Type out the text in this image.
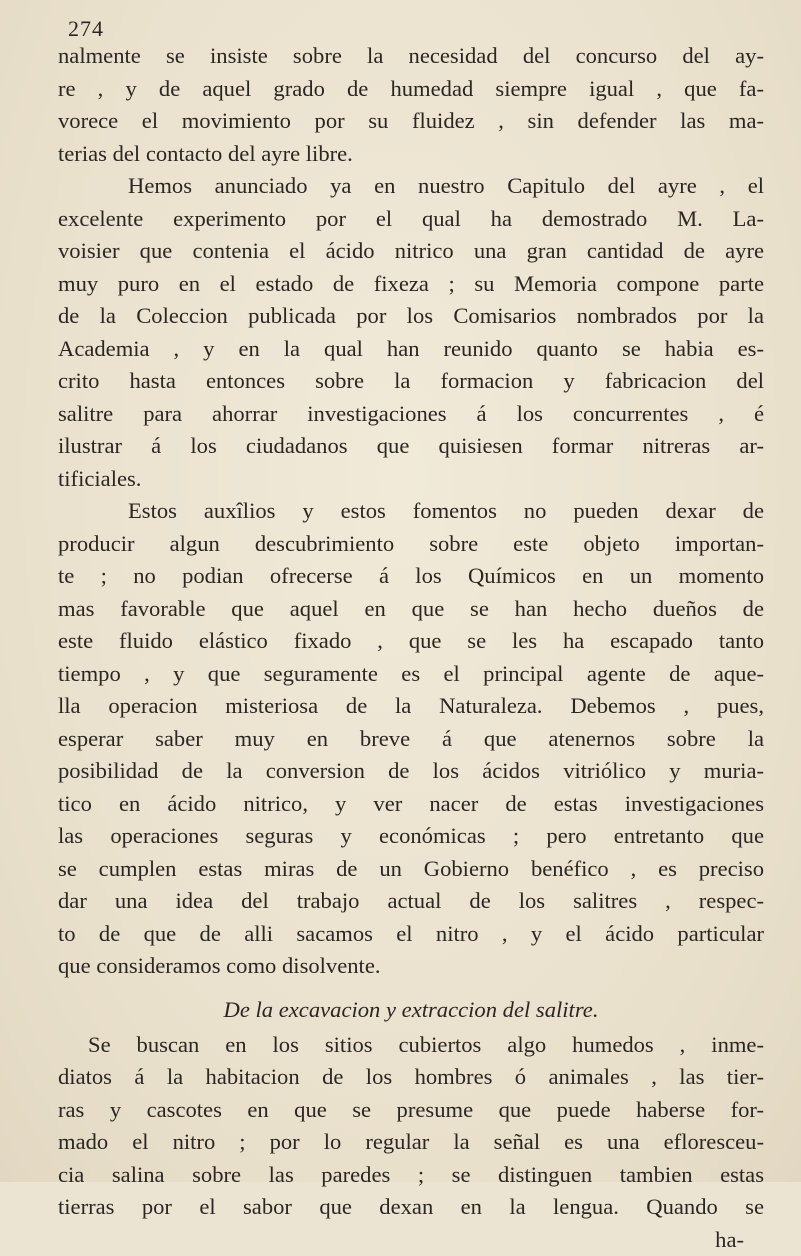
274
nalmente se insiste sobre la necesidad del concurso del ay-
re , y de aquel grado de humedad siempre igual , que fa-
vorece el movimiento por su fluidez , sin defender las ma-
terias del contacto del ayre libre.
Hemos anunciado ya en nuestro Capitulo del ayre , el
excelente experimento por el qual ha demostrado M. La-
voisier que contenia el ácido nitrico una gran cantidad de ayre
muy puro en el estado de fixeza ; su Memoria compone parte
de la Coleccion publicada por los Comisarios nombrados por la
Academia , y en la qual han reunido quanto se habia es-
crito hasta entonces sobre la formacion y fabricacion del
salitre para ahorrar investigaciones á los concurrentes , é
ilustrar á los ciudadanos que quisiesen formar nitreras ar-
tificiales.
Estos auxîlios y estos fomentos no pueden dexar de
producir algun descubrimiento sobre este objeto importan-
te ; no podian ofrecerse á los Químicos en un momento
mas favorable que aquel en que se han hecho dueños de
este fluido elástico fixado , que se les ha escapado tanto
tiempo , y que seguramente es el principal agente de aque-
lla operacion misteriosa de la Naturaleza. Debemos , pues,
esperar saber muy en breve á que atenernos sobre la
posibilidad de la conversion de los ácidos vitriólico y muria-
tico en ácido nitrico, y ver nacer de estas investigaciones
las operaciones seguras y económicas ; pero entretanto que
se cumplen estas miras de un Gobierno benéfico , es preciso
dar una idea del trabajo actual de los salitres , respec-
to de que de alli sacamos el nitro , y el ácido particular
que consideramos como disolvente.
De la excavacion y extraccion del salitre.
Se buscan en los sitios cubiertos algo humedos , inme-
diatos á la habitacion de los hombres ó animales , las tier-
ras y cascotes en que se presume que puede haberse for-
mado el nitro ; por lo regular la señal es una efloresceu-
cia salina sobre las paredes ; se distinguen tambien estas
tierras por el sabor que dexan en la lengua. Quando se
ha-
